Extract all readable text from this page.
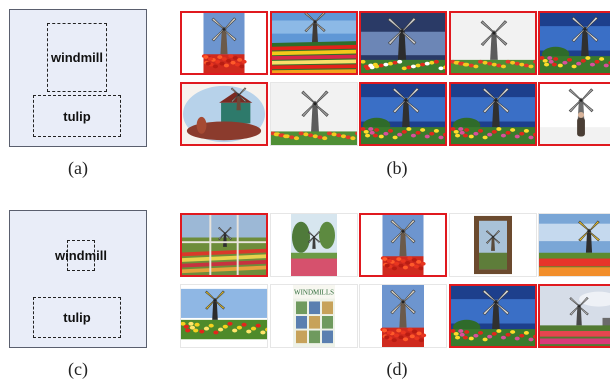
windmill
tulip
(a)	(b)
windmill
tulip
(c)
WINDMILLS
(d)
